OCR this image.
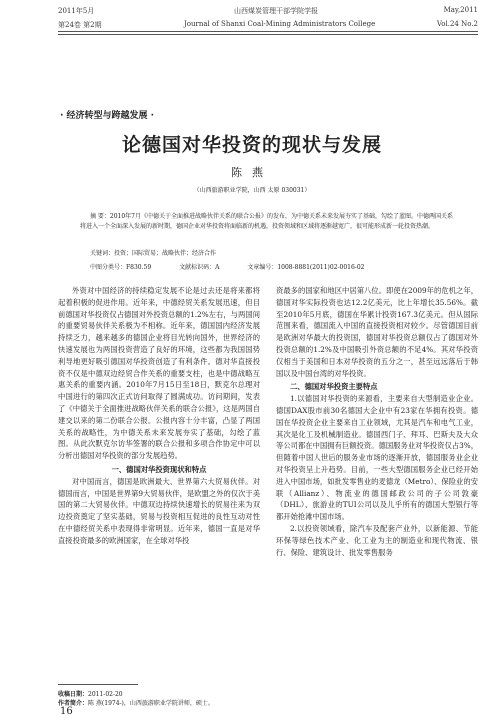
2011年5月	山西煤炭管理干部学院学报	May,2011
第24卷 第2期	Journal of Shanxi Coal-Mining Administrators College	Vol.24 No.2
· 经济转型与跨越发展 ·
论德国对华投资的现状与发展
陈燕
（山西旅游职业学院，山西 太原 030031）

摘 要：2010年7月《中德关于全面推进战略伙伴关系的联合公报》的发布，为中德关系未来发展夯实了基础，勾绘了蓝图。中德两国关系将进入一个全面深入发展的新时期，德国企业对华投资将面临新的机遇，投资领域和区域将逐渐越宽广，很可能形成新一轮投资热潮。

关键词：投资；国际贸易；战略伙伴；经济合作
中图分类号：F830.59	文献标识码：A	文章编号：1008-8881(2011)02-0016-02

外资对中国经济的持续稳定发展不论是过去还是将来都将起着积极的促进作用。近年来，中德经贸关系发展迅速，但目前德国对华投资仅占德国对外投资总额的1.2%左右，与两国间的重要贸易伙伴关系极为不相称。近年来，德国国内经济发展持续乏力，越来越多的德国企业将目光转向国外，世界经济的快速发展也为两国投资营造了良好的环境，这些都为我国国势利导地更好吸引德国对华投资创造了有利条件。德对华直接投资不仅是中德双边经贸合作关系的重要支柱，也是中德战略互惠关系的重要内涵。2010年7月15日至18日，默克尔总理对中国进行的第四次正式访问取得了圆满成功。访问期间，发表了《中德关于全面推进战略伙伴关系的联合公报》，这是两国自建交以来的第二份联合公报。公报内容十分丰富，凸显了两国关系的战略性，为中德关系未来发展夯实了基础，勾绘了蓝图。从此次默克尔访华签署的联合公报和多项合作协定中可以分析出德国对华投资的部分发展趋势。

一、德国对华投资现状和特点

对中国而言，德国是欧洲最大、世界第六大贸易伙伴。对德国而言，中国是世界第9大贸易伙伴，是欧盟之外的仅次于美国的第二大贸易伙伴。中德双边持续快速增长的贸易往来为双边投资奠定了坚实基础，贸易与投资相互促进的良性互动对性在中德经贸关系中表现得非常明显。近年来，德国一直是对华直接投资最多的欧洲国家，在全球对华投

资最多的国家和地区中居第八位。即使在2009年的危机之年，德国对华实际投资也达12.2亿美元，比上年增长35.56%。截至2010年5月底，德国在华累计投资167.3亿美元。但从国际范围来看，德国流入中国的直接投资相对较少。尽管德国目前是欧洲对华最大的投资国，德国对华投资总额仅占了德国对外投资总额的1.2%及中国吸引外资总额的不足4%。其对华投资仅相当于美国和日本对华投资的五分之一，甚至远远落后于韩国以及中国台湾的对华投资。

二、德国对华投资主要特点

1.以德国对华投资的来源看，主要来自大型制造业企业。德国DAX股市前30名德国大企业中有23家在华拥有投资。德国在华投资企业主要来自工业领域，尤其是汽车和电气工业，其次是化工及机械制造业。德国西门子、拜耳、巴斯夫及大众等公司都在中国拥有巨额投资。德国服务业对华投资仅占3%，但随着中国人世后的服务业市场的逐渐开放，德国服务业企业对华投资呈上升趋势。目前，一些大型德国服务企业已经开始进入中国市场，如批发零售业的麦德龙（Metro）、保险业的安联（Allianz）、物流业的德国邮政公司的子公司敦豪（DHL）、旅游业的TUI公司以及儿乎所有的德国大型银行等都开始抢滩中国市场。

2.以投资领域看，除汽车及配套产业外，以新能源、节能环保等绿色技术产业、化工业为主的制造业和现代物流、银行、保险、建筑设计、批发零售服务

收稿日期：2011-02-20
作者简介：陈 燕(1974-)，山西旅游职业学院讲师，硕士。
16
